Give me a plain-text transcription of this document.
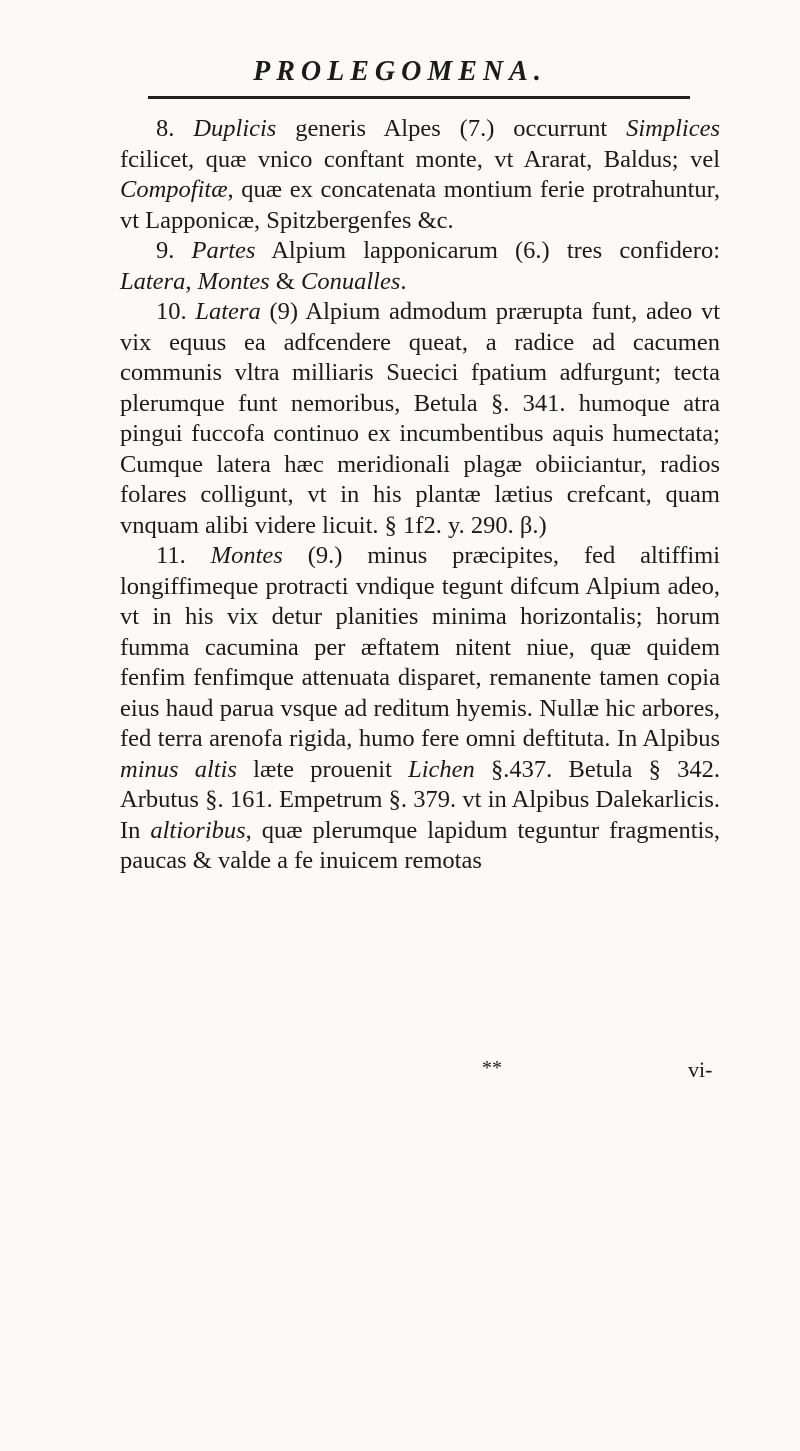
PROLEGOMENA.

8. Duplicis generis Alpes (7.) occurrunt Simplices fcilicet, quæ vnico conftant monte, vt Ararat, Baldus; vel Compofitæ, quæ ex concatenata montium ferie protrahuntur, vt Lapponicæ, Spitzbergenfes &c.

9. Partes Alpium lapponicarum (6.) tres confidero: Latera, Montes & Conualles.

10. Latera (9) Alpium admodum prærupta funt, adeo vt vix equus ea adfcendere queat, a radice ad cacumen communis vltra milliaris Suecici fpatium adfurgunt; tecta plerumque funt nemoribus, Betula §. 341. humoque atra pingui fuccofa continuo ex incumbentibus aquis humectata; Cumque latera hæc meridionali plagæ obiiciantur, radios folares colligunt, vt in his plantæ lætius crefcant, quam vnquam alibi videre licuit. § 1f2. y. 290. β.)

11. Montes (9.) minus præcipites, fed altiffimi longiffimeque protracti vndique tegunt difcum Alpium adeo, vt in his vix detur planities minima horizontalis; horum fumma cacumina per æftatem nitent niue, quæ quidem fenfim fenfimque attenuata disparet, remanente tamen copia eius haud parua vsque ad reditum hyemis. Nullæ hic arbores, fed terra arenofa rigida, humo fere omni deftituta. In Alpibus minus altis læte prouenit Lichen §.437. Betula § 342. Arbutus §. 161. Empetrum §. 379. vt in Alpibus Dalekarlicis. In altioribus, quæ plerumque lapidum teguntur fragmentis, paucas & valde a fe inuicem remotas

**	vi-
